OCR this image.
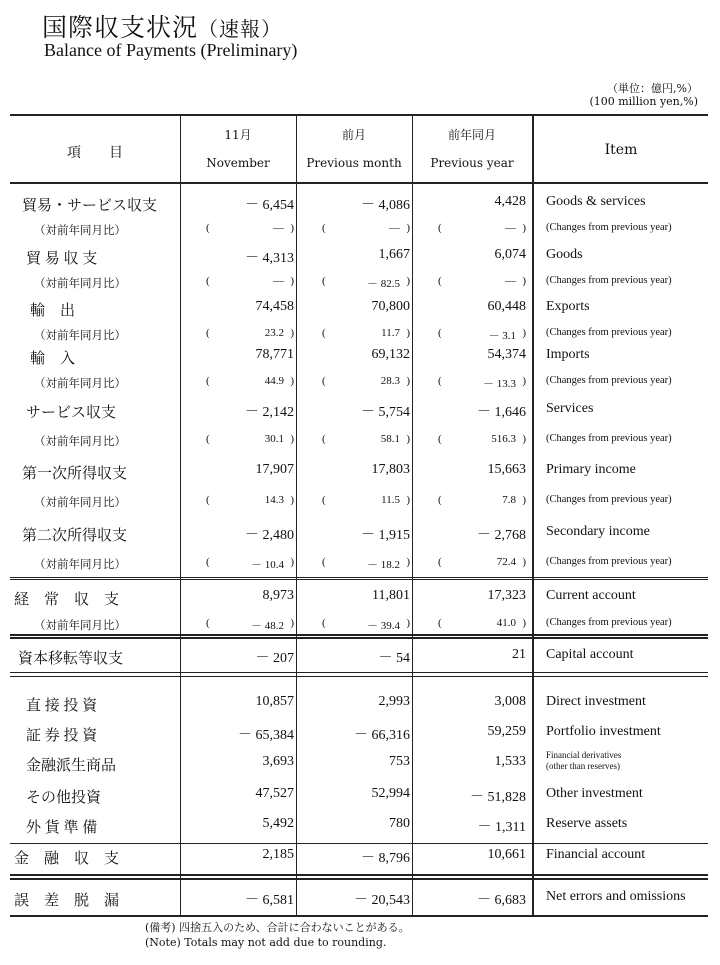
国際収支状況（速報）
Balance of Payments (Preliminary)
（単位：億円,%）
(100 million yen,%)
項　　目
11月
November
前月
Previous month
前年同月
Previous year
Item
貿易・サービス収支	－ 6,454	－ 4,086	4,428 Goods & services
（対前年同月比）	(	― )	(	― )	(	― ) (Changes from previous year)
貿 易 収 支	－ 4,313	1,667	6,074 Goods
（対前年同月比）	(	― )	(	－ 82.5 )	(	― ) (Changes from previous year)
輸　出	74,458	70,800	60,448 Exports
（対前年同月比）	(	23.2 )	(	11.7 )	(	－ 3.1 ) (Changes from previous year)
輸　入	78,771	69,132	54,374 Imports
（対前年同月比）	(	44.9 )	(	28.3 )	(	－ 13.3 ) (Changes from previous year)
サービス収支	－ 2,142	－ 5,754	－ 1,646 Services
（対前年同月比）	(	30.1 )	(	58.1 )	(	516.3 ) (Changes from previous year)
第一次所得収支	17,907	17,803	15,663 Primary income
（対前年同月比）	(	14.3 )	(	11.5 )	(	7.8 ) (Changes from previous year)
第二次所得収支	－ 2,480	－ 1,915	－ 2,768 Secondary income
（対前年同月比）	(	－ 10.4 )	(	－ 18.2 )	(	72.4 ) (Changes from previous year)
経　常　収　支	8,973	11,801	17,323 Current account
（対前年同月比）	(	－ 48.2 )	(	－ 39.4 )	(	41.0 ) (Changes from previous year)
資本移転等収支	－ 207	－ 54	21 Capital account
直 接 投 資	10,857	2,993	3,008 Direct investment
証 券 投 資	－ 65,384	－ 66,316	59,259 Portfolio investment
金融派生商品	3,693	753	1,533 Financial derivatives
(other than reserves)
その他投資	47,527	52,994	－ 51,828 Other investment
外 貨 準 備	5,492	780	－ 1,311 Reserve assets
金　融　収　支	2,185	－ 8,796	10,661 Financial account
誤　差　脱　漏	－ 6,581	－ 20,543	－ 6,683 Net errors and omissions
(備考) 四捨五入のため、合計に合わないことがある。
(Note) Totals may not add due to rounding.
